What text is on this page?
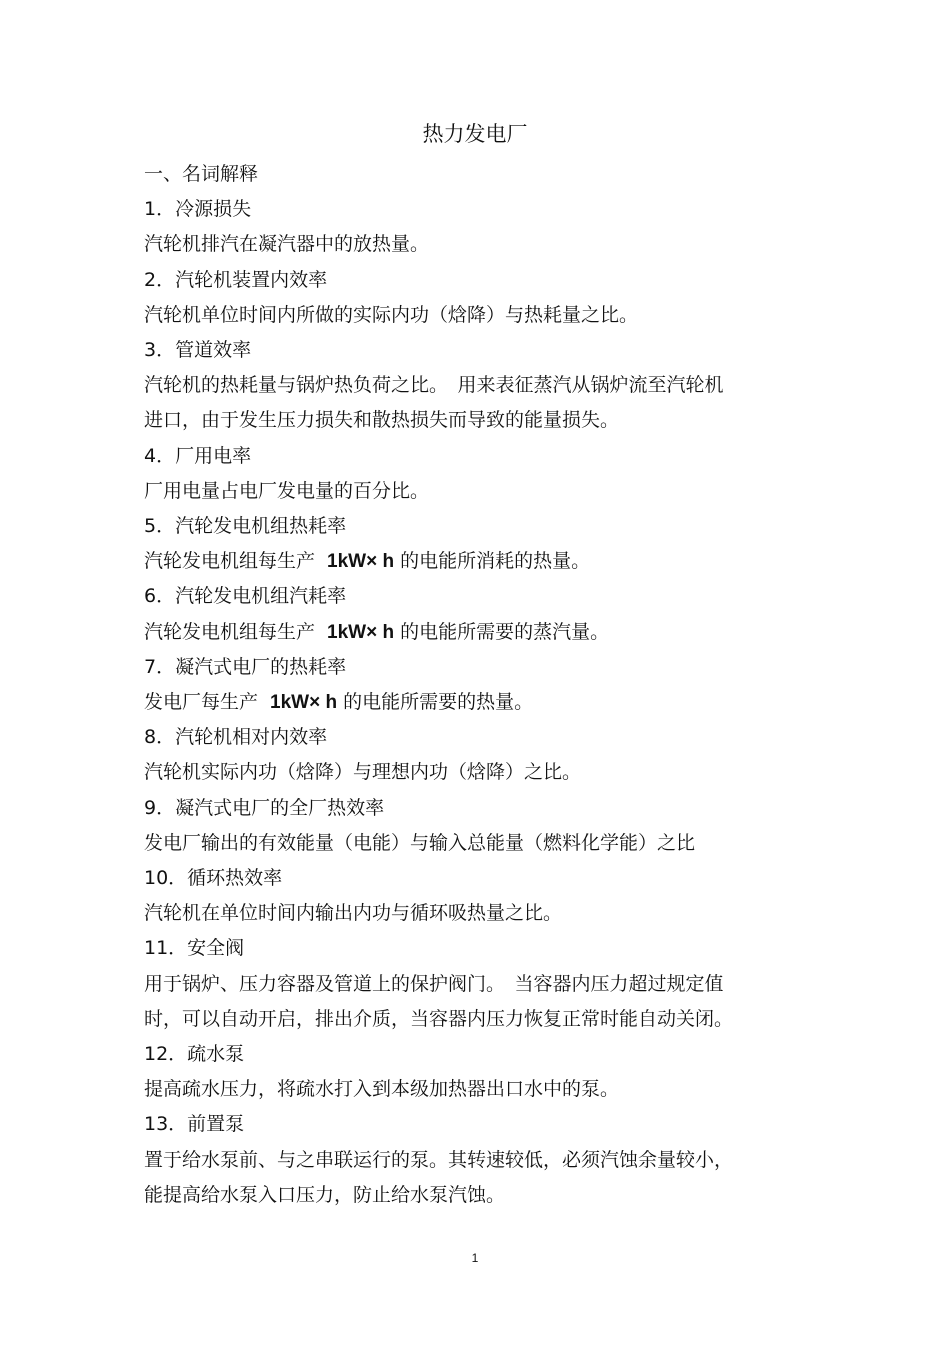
热力发电厂
一、名词解释
1．冷源损失
汽轮机排汽在凝汽器中的放热量。
2．汽轮机装置内效率
汽轮机单位时间内所做的实际内功（焓降）与热耗量之比。
3．管道效率
汽轮机的热耗量与锅炉热负荷之比。　用来表征蒸汽从锅炉流至汽轮机
进口，由于发生压力损失和散热损失而导致的能量损失。
4．厂用电率
厂用电量占电厂发电量的百分比。
5．汽轮发电机组热耗率
汽轮发电机组每生产 1kW× h 的电能所消耗的热量。
6．汽轮发电机组汽耗率
汽轮发电机组每生产 1kW× h 的电能所需要的蒸汽量。
7．凝汽式电厂的热耗率
发电厂每生产 1kW× h 的电能所需要的热量。
8．汽轮机相对内效率
汽轮机实际内功（焓降）与理想内功（焓降）之比。
9．凝汽式电厂的全厂热效率
发电厂输出的有效能量（电能）与输入总能量（燃料化学能）之比
10．循环热效率
汽轮机在单位时间内输出内功与循环吸热量之比。
11．安全阀
用于锅炉、压力容器及管道上的保护阀门。　当容器内压力超过规定值
时，可以自动开启，排出介质，当容器内压力恢复正常时能自动关闭。
12．疏水泵
提高疏水压力，将疏水打入到本级加热器出口水中的泵。
13．前置泵
置于给水泵前、与之串联运行的泵。其转速较低，必须汽蚀余量较小，
能提高给水泵入口压力，防止给水泵汽蚀。
1
